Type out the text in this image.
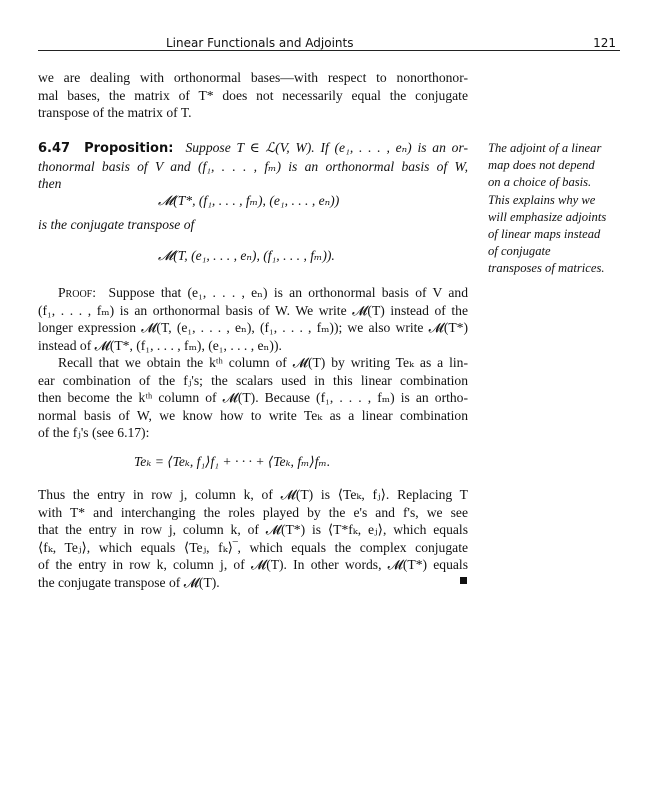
Linear Functionals and Adjoints	121
we are dealing with orthonormal bases—with respect to nonorthonor-
mal bases, the matrix of T* does not necessarily equal the conjugate
transpose of the matrix of T.
6.47 Proposition: Suppose T ∈ ℒ(V, W). If (e₁, . . . , eₙ) is an or-
thonormal basis of V and (f₁, . . . , fₘ) is an orthonormal basis of W,
then
𝓜(T*, (f₁, . . . , fₘ), (e₁, . . . , eₙ))
is the conjugate transpose of
𝓜(T, (e₁, . . . , eₙ), (f₁, . . . , fₘ)).
Proof: Suppose that (e₁, . . . , eₙ) is an orthonormal basis of V and
(f₁, . . . , fₘ) is an orthonormal basis of W. We write 𝓜(T) instead of the
longer expression 𝓜(T, (e₁, . . . , eₙ), (f₁, . . . , fₘ)); we also write 𝓜(T*)
instead of 𝓜(T*, (f₁, . . . , fₘ), (e₁, . . . , eₙ)).
Recall that we obtain the kᵗʰ column of 𝓜(T) by writing Teₖ as a lin-
ear combination of the fⱼ's; the scalars used in this linear combination
then become the kᵗʰ column of 𝓜(T). Because (f₁, . . . , fₘ) is an ortho-
normal basis of W, we know how to write Teₖ as a linear combination
of the fⱼ's (see 6.17):
Teₖ = ⟨Teₖ, f₁⟩f₁ + · · · + ⟨Teₖ, fₘ⟩fₘ.
Thus the entry in row j, column k, of 𝓜(T) is ⟨Teₖ, fⱼ⟩. Replacing T
with T* and interchanging the roles played by the e's and f's, we see
that the entry in row j, column k, of 𝓜(T*) is ⟨T*fₖ, eⱼ⟩, which equals
⟨fₖ, Teⱼ⟩, which equals ⟨Teⱼ, fₖ⟩‾, which equals the complex conjugate
of the entry in row k, column j, of 𝓜(T). In other words, 𝓜(T*) equals
the conjugate transpose of 𝓜(T).
The adjoint of a linear
map does not depend
on a choice of basis.
This explains why we
will emphasize adjoints
of linear maps instead
of conjugate
transposes of matrices.
